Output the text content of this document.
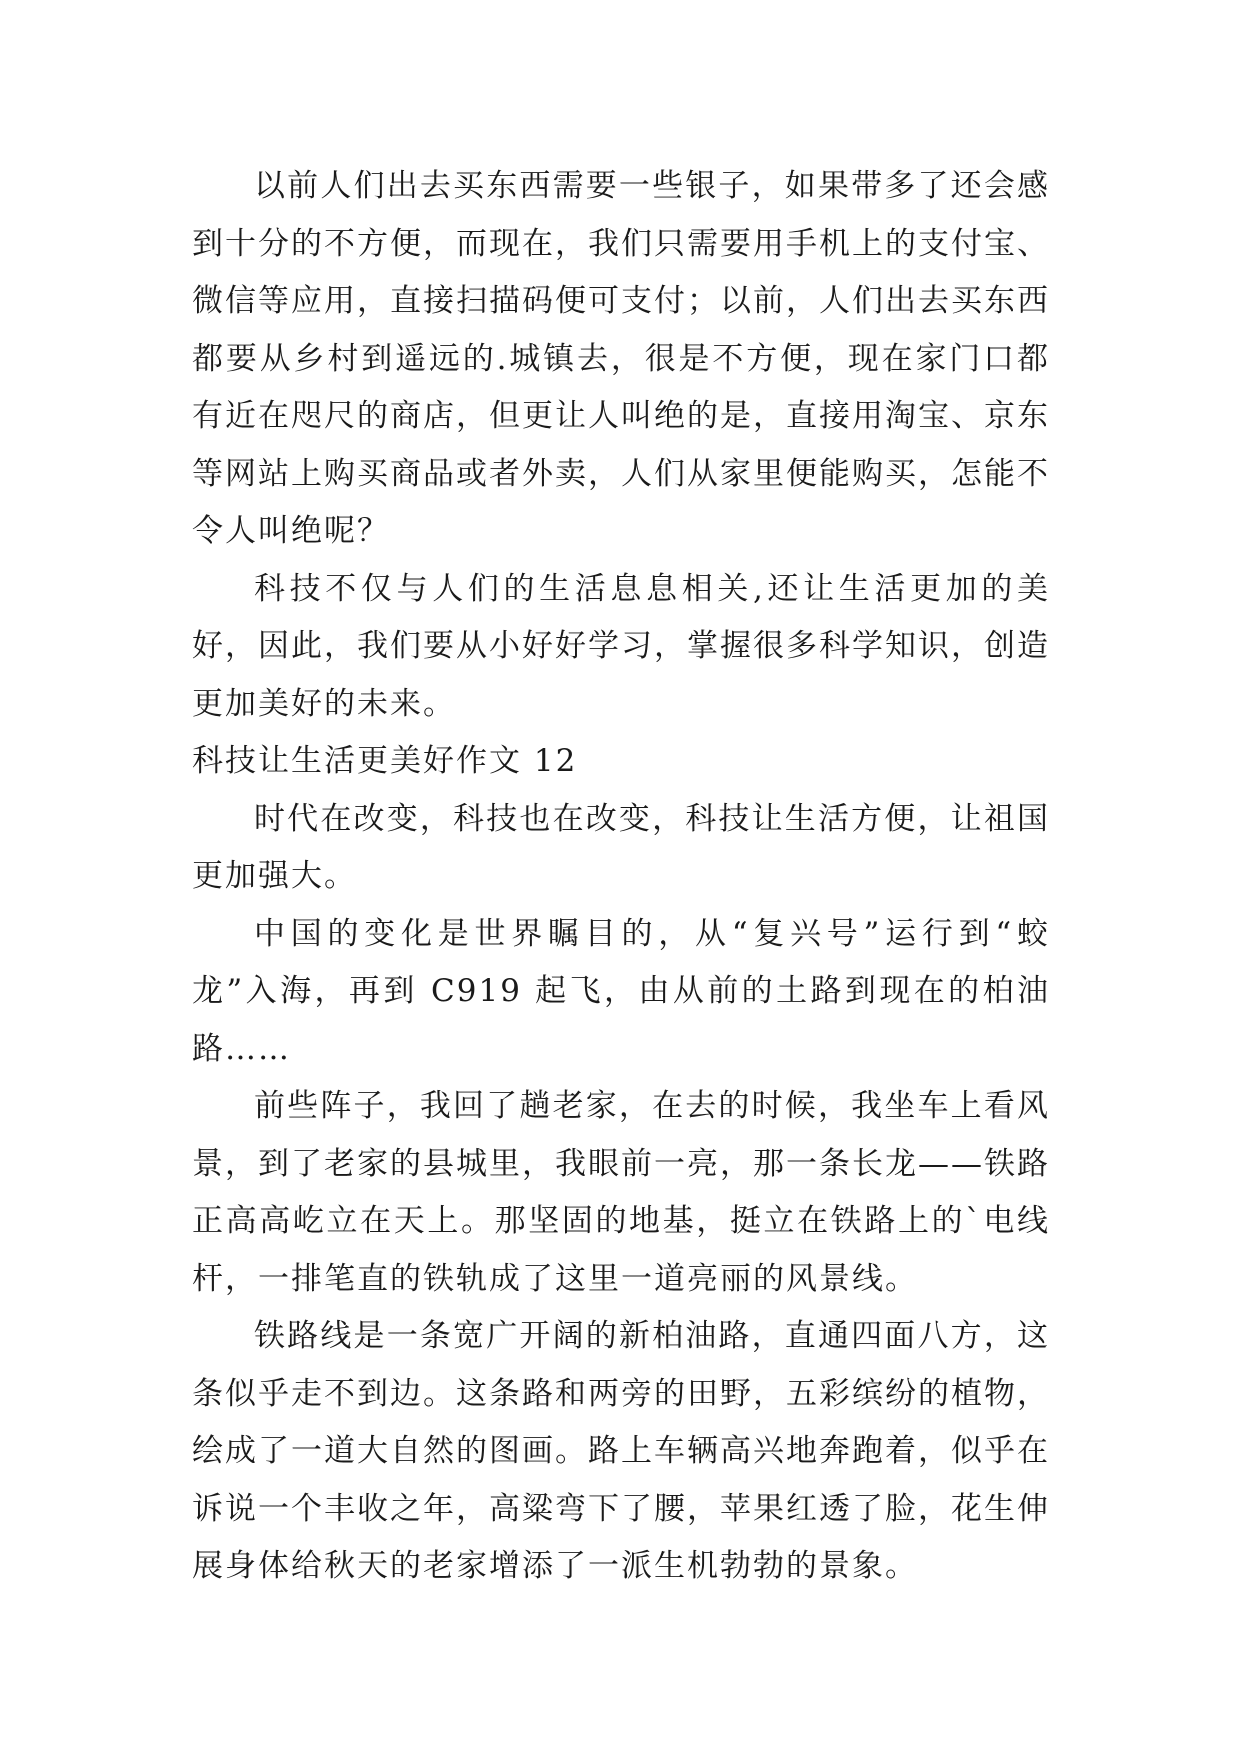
以前人们出去买东西需要一些银子，如果带多了还会感到十分的不方便，而现在，我们只需要用手机上的支付宝、微信等应用，直接扫描码便可支付；以前，人们出去买东西都要从乡村到遥远的.城镇去，很是不方便，现在家门口都有近在咫尺的商店，但更让人叫绝的是，直接用淘宝、京东等网站上购买商品或者外卖，人们从家里便能购买，怎能不令人叫绝呢？

科技不仅与人们的生活息息相关,还让生活更加的美好，因此，我们要从小好好学习，掌握很多科学知识，创造更加美好的未来。

科技让生活更美好作文 12

时代在改变，科技也在改变，科技让生活方便，让祖国更加强大。

中国的变化是世界瞩目的，从“复兴号”运行到“蛟龙”入海，再到 C919 起飞，由从前的土路到现在的柏油路……

前些阵子，我回了趟老家，在去的时候，我坐车上看风景，到了老家的县城里，我眼前一亮，那一条长龙——铁路正高高屹立在天上。那坚固的地基，挺立在铁路上的`电线杆，一排笔直的铁轨成了这里一道亮丽的风景线。

铁路线是一条宽广开阔的新柏油路，直通四面八方，这条似乎走不到边。这条路和两旁的田野，五彩缤纷的植物，绘成了一道大自然的图画。路上车辆高兴地奔跑着，似乎在诉说一个丰收之年，高粱弯下了腰，苹果红透了脸，花生伸展身体给秋天的老家增添了一派生机勃勃的景象。
